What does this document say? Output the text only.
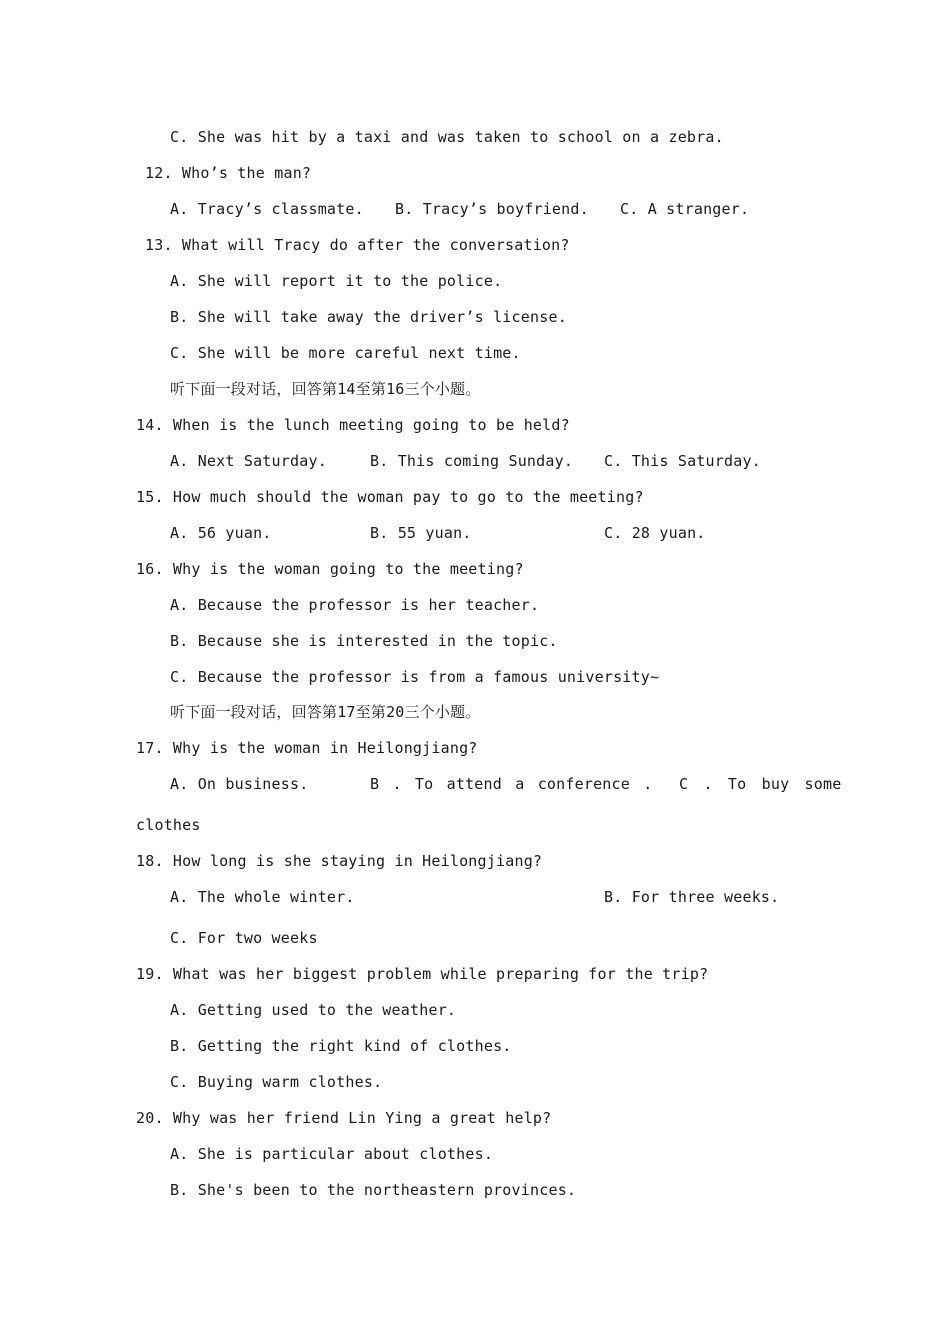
C. She was hit by a taxi and was taken to school on a zebra.
12. Who’s the man?
A. Tracy’s classmate. B. Tracy’s boyfriend. C. A stranger.
13. What will Tracy do after the conversation?
A. She will report it to the police.
B. She will take away the driver’s license.
C. She will be more careful next time.
听下面一段对话，回答第14至第16三个小题。
14. When is the lunch meeting going to be held?
A. Next Saturday.	B. This coming Sunday. C. This Saturday.
15. How much should the woman pay to go to the meeting?
A. 56 yuan.	B. 55 yuan.	C. 28 yuan.
16. Why is the woman going to the meeting?
A. Because the professor is her teacher.
B. Because she is interested in the topic.
C. Because the professor is from a famous university~
听下面一段对话，回答第17至第20三个小题。
17. Why is the woman in Heilongjiang?
A. On business.	B . To attend a conference . C . To buy some
clothes
18. How long is she staying in Heilongjiang?
A. The whole winter.	B. For three weeks.
C. For two weeks
19. What was her biggest problem while preparing for the trip?
A. Getting used to the weather.
B. Getting the right kind of clothes.
C. Buying warm clothes.
20. Why was her friend Lin Ying a great help?
A. She is particular about clothes.
B. She's been to the northeastern provinces.
